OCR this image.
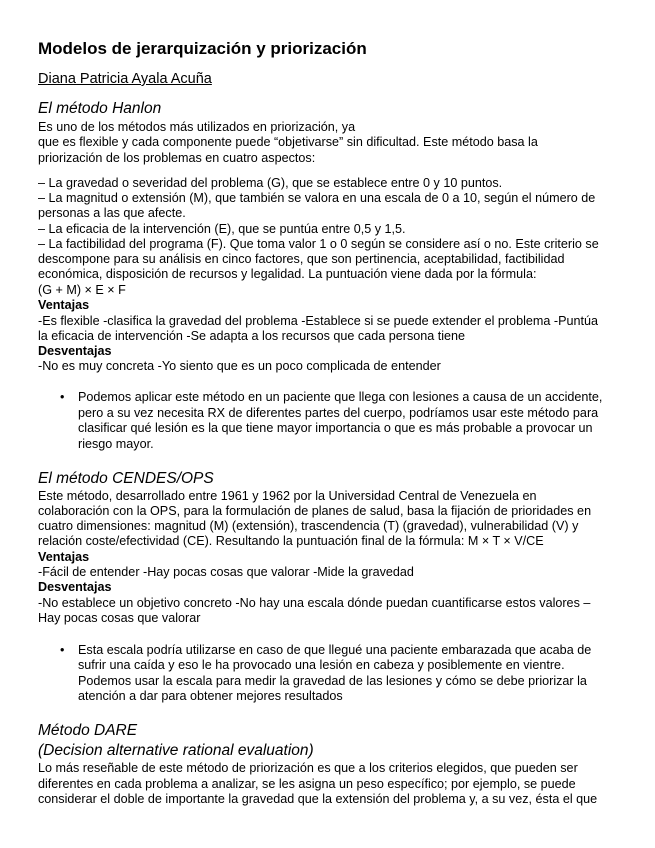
Modelos de jerarquización y priorización
Diana Patricia Ayala Acuña
El método Hanlon
Es uno de los métodos más utilizados en priorización, ya
que es flexible y cada componente puede “objetivarse” sin dificultad. Este método basa la
priorización de los problemas en cuatro aspectos:
– La gravedad o severidad del problema (G), que se establece entre 0 y 10 puntos.
– La magnitud o extensión (M), que también se valora en una escala de 0 a 10, según el número de
personas a las que afecte.
– La eficacia de la intervención (E), que se puntúa entre 0,5 y 1,5.
– La factibilidad del programa (F). Que toma valor 1 o 0 según se considere así o no. Este criterio se
descompone para su análisis en cinco factores, que son pertinencia, aceptabilidad, factibilidad
económica, disposición de recursos y legalidad. La puntuación viene dada por la fórmula:
(G + M) × E × F
Ventajas
-Es flexible -clasifica la gravedad del problema -Establece si se puede extender el problema -Puntúa
la eficacia de intervención -Se adapta a los recursos que cada persona tiene
Desventajas
-No es muy concreta -Yo siento que es un poco complicada de entender
• Podemos aplicar este método en un paciente que llega con lesiones a causa de un accidente,
pero a su vez necesita RX de diferentes partes del cuerpo, podríamos usar este método para
clasificar qué lesión es la que tiene mayor importancia o que es más probable a provocar un
riesgo mayor.
El método CENDES/OPS
Este método, desarrollado entre 1961 y 1962 por la Universidad Central de Venezuela en
colaboración con la OPS, para la formulación de planes de salud, basa la fijación de prioridades en
cuatro dimensiones: magnitud (M) (extensión), trascendencia (T) (gravedad), vulnerabilidad (V) y
relación coste/efectividad (CE). Resultando la puntuación final de la fórmula: M × T × V/CE
Ventajas
-Fácil de entender -Hay pocas cosas que valorar -Mide la gravedad
Desventajas
-No establece un objetivo concreto -No hay una escala dónde puedan cuantificarse estos valores –
Hay pocas cosas que valorar
• Esta escala podría utilizarse en caso de que llegué una paciente embarazada que acaba de
sufrir una caída y eso le ha provocado una lesión en cabeza y posiblemente en vientre.
Podemos usar la escala para medir la gravedad de las lesiones y cómo se debe priorizar la
atención a dar para obtener mejores resultados
Método DARE
(Decision alternative rational evaluation)
Lo más reseñable de este método de priorización es que a los criterios elegidos, que pueden ser
diferentes en cada problema a analizar, se les asigna un peso específico; por ejemplo, se puede
considerar el doble de importante la gravedad que la extensión del problema y, a su vez, ésta el que
